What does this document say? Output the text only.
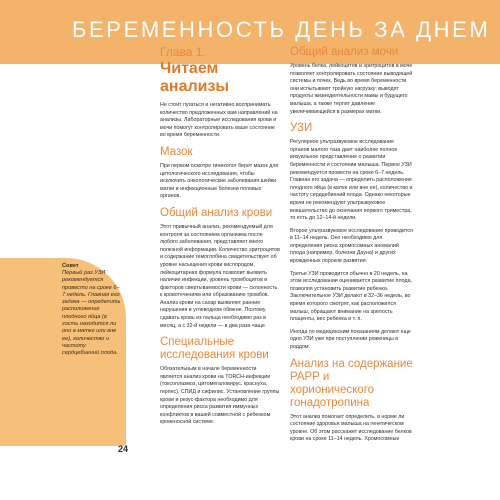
БЕРЕМЕННОСТЬ ДЕНЬ ЗА ДНЕМ
Совет
Первый раз УЗИ рекомендуется провести на сроке 6–7 недель. Главная его задача — определить расположение плодного яйца (в гость находится ли оно в матке или вне ее), количество и частоту сердцебиений плода.
Глава 1.
Читаем анализы

Не стоит пугаться и негативно воспринимать количество предложенных вам направлений на анализы. Лабораторные исследования крови и мочи помогут контролировать ваше состояние во время беременности.

Мазок

При первом осмотре гинеколог берет мазок для цитологического исследования, чтобы исключить онкологические заболевания шейки матки и инфекционные болезни половых органов.

Общий анализ крови

Этот привычный анализ, рекомендуемый для контроля за состоянием организма после любого заболевания, представляет много полезной информации. Количество эритроцитов и содержание гемоглобина свидетельствует об уровне насыщения крови кислородом, лейкоцитарная формула позволит выявить наличие инфекции, уровень тромбоцитов и факторов свертываемости крови — склонность к кровотечениям или образованию тромбов. Анализ крови на сахар выявляет ранние нарушения в углеводном обмене. Поэтому сдавать кровь из пальца необходимо раз в месяц, а с 32-й недели — в два раза чаще.

Специальные исследования крови

Обязательным в начале беременности является анализ крови на TORCH-инфекции (токсоплазмоз, цитомегаловирус, краснуха, герпес), СПИД и сифилис. Установление группы крови и резус-фактора необходимо для определения риска развития иммунных конфликтов в вашей совместной с ребенком кровеносной системе.

Общий анализ мочи

Уровень белка, лейкоцитов и эритроцитов в моче позволяет контролировать состояние выводящей системы и почек. Ведь во время беременности они испытывают тройную нагрузку: выводят продукты жизнедеятельности мамы и будущего малыша, а также терпят давление увеличивающейся в размерах матки.

УЗИ

Регулярное ультразвуковое исследование органов малого таза дает наиболее полное визуальное представление о развитии беременности и состоянии малыша. Первое УЗИ рекомендуется провести на сроке 6–7 недель. Главная его задача — определить расположение плодного яйца (в матке или вне ее), количество и частоту сердцебиений плода. Однако некоторые врачи не рекомендуют ультразвуковое внешательство до окончания первого триместра, то есть до 12–14-й недели.

Второе ультразвуковое исследование проводится в 11–14 недель. Оно необходимо для определения риска хромосомных аномалий плода (например, болезни Дауна) и других врожденных пороков развития.

Третье УЗИ проводится обычно в 20 недель, на этом исследовании оценивается развитие плода, позволяя установить развитие ребенка. Заключительное УЗИ делают в 32–36 недель, во время которого смотрят, как расположился малыш, обращают внимание на зрелость плаценты, вес ребенка и т. п.

Иногда по медицинским показаниям делают еще одно УЗИ уже при поступлении роженицы в роддом.

Анализ на содержание PAPP и хорионического гонадотропина

Этот анализ помогает определить, в норме ли состояние здоровья малыша на генетическом уровне. Об этом расскажет исследование белков крови на сроке 11–14 недель. Хромосомные

24
